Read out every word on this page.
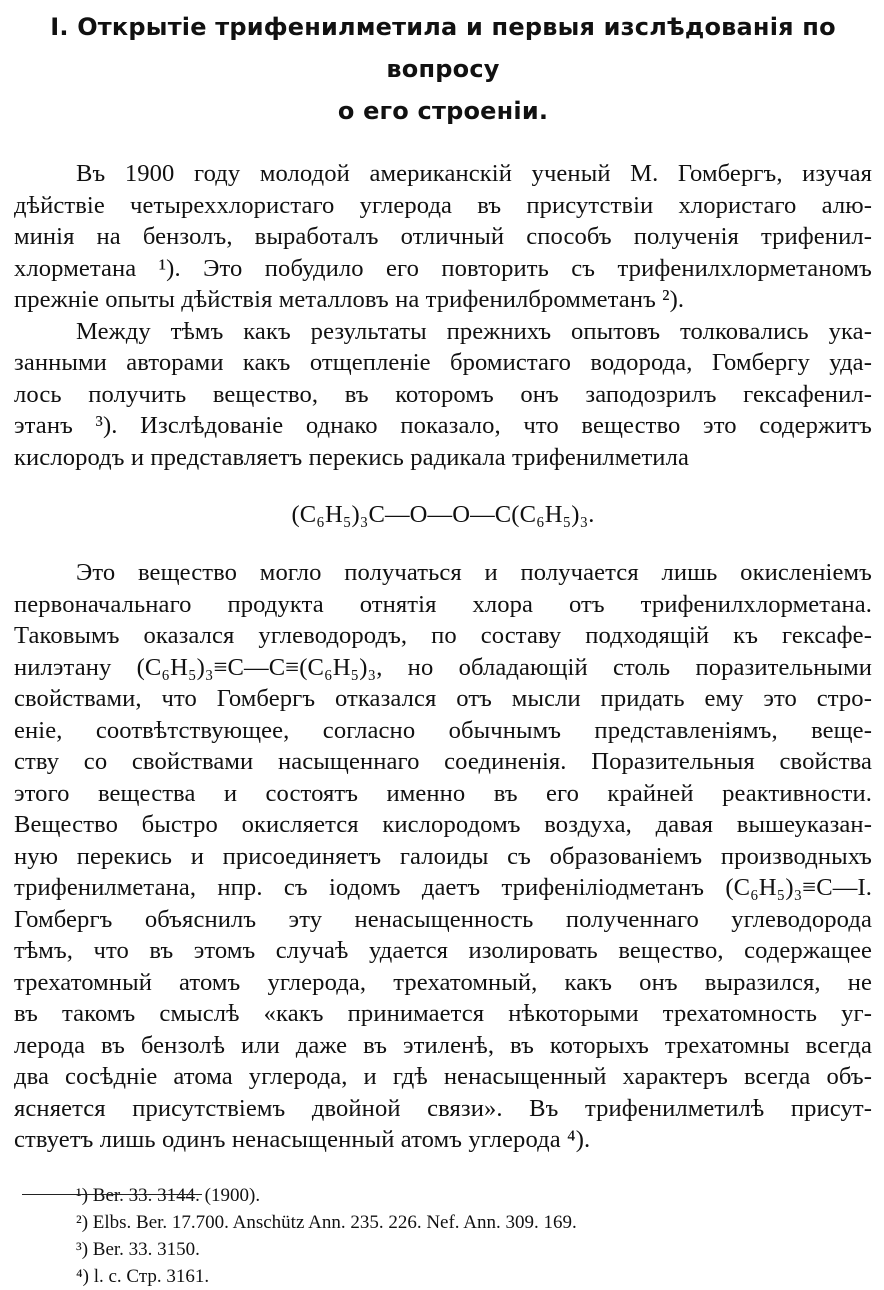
I. Открытіе трифенилметила и первыя изслѣдованія по вопросу
о его строеніи.
Въ 1900 году молодой американскій ученый М. Гомбергъ, изучая
дѣйствіе четыреххлористаго углерода въ присутствіи хлористаго алю-
минія на бензолъ, выработалъ отличный способъ полученія трифенил-
хлорметана ¹). Это побудило его повторить съ трифенилхлорметаномъ
прежніе опыты дѣйствія металловъ на трифенилбромметанъ ²).
Между тѣмъ какъ результаты прежнихъ опытовъ толковались ука-
занными авторами какъ отщепленіе бромистаго водорода, Гомбергу уда-
лось получить вещество, въ которомъ онъ заподозрилъ гексафенил-
этанъ ³). Изслѣдованіе однако показало, что вещество это содержитъ
кислородъ и представляетъ перекись радикала трифенилметила
(C₆H₅)₃C—O—O—C(C₆H₅)₃.
Это вещество могло получаться и получается лишь окисленіемъ
первоначальнаго продукта отнятія хлора отъ трифенилхлорметана.
Таковымъ оказался углеводородъ, по составу подходящій къ гексафе-
нилэтану (C₆H₅)₃≡C—C≡(C₆H₅)₃, но обладающій столь поразительными
свойствами, что Гомбергъ отказался отъ мысли придать ему это стро-
еніе, соотвѣтствующее, согласно обычнымъ представленіямъ, веще-
ству со свойствами насыщеннаго соединенія. Поразительныя свойства
этого вещества и состоятъ именно въ его крайней реактивности.
Вещество быстро окисляется кислородомъ воздуха, давая вышеуказан-
ную перекись и присоединяетъ галоиды съ образованіемъ производныхъ
трифенилметана, нпр. съ іодомъ даетъ трифеніліодметанъ (C₆H₅)₃≡C—I.
Гомбергъ объяснилъ эту ненасыщенность полученнаго углеводорода
тѣмъ, что въ этомъ случаѣ удается изолировать вещество, содержащее
трехатомный атомъ углерода, трехатомный, какъ онъ выразился, не
въ такомъ смыслѣ «какъ принимается нѣкоторыми трехатомность уг-
лерода въ бензолѣ или даже въ этиленѣ, въ которыхъ трехатомны всегда
два сосѣдніе атома углерода, и гдѣ ненасыщенный характеръ всегда объ-
ясняется присутствіемъ двойной связи». Въ трифенилметилѣ присут-
ствуетъ лишь одинъ ненасыщенный атомъ углерода ⁴).
¹) Ber. 33. 3144. (1900).
²) Elbs. Ber. 17.700. Anschütz Ann. 235. 226. Nef. Ann. 309. 169.
³) Ber. 33. 3150.
⁴) l. c. Стр. 3161.
